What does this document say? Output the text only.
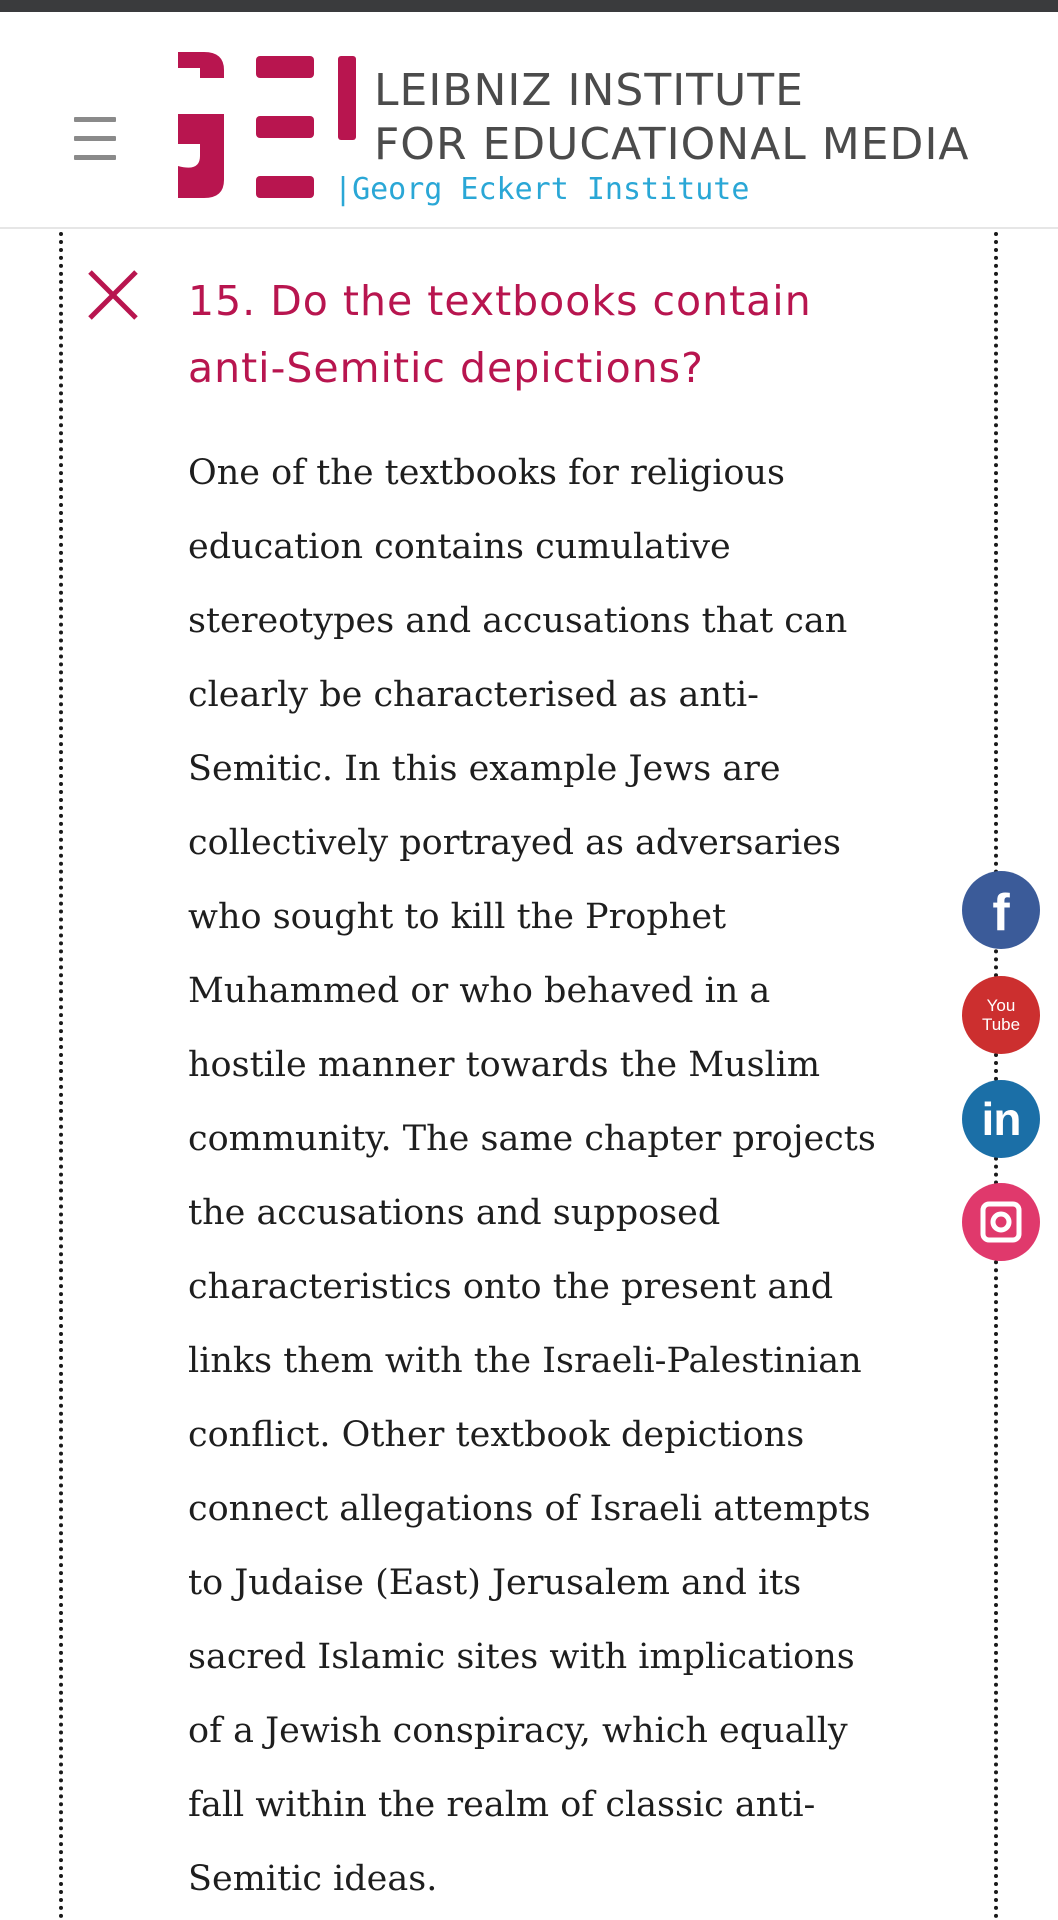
LEIBNIZ INSTITUTE
FOR EDUCATIONAL MEDIA
|Georg Eckert Institute
15. Do the textbooks contain anti-Semitic depictions?
One of the textbooks for religious
education contains cumulative
stereotypes and accusations that can
clearly be characterised as anti-
Semitic. In this example Jews are
collectively portrayed as adversaries
who sought to kill the Prophet
Muhammed or who behaved in a
hostile manner towards the Muslim
community. The same chapter projects
the accusations and supposed
characteristics onto the present and
links them with the Israeli-Palestinian
conflict. Other textbook depictions
connect allegations of Israeli attempts
to Judaise (East) Jerusalem and its
sacred Islamic sites with implications
of a Jewish conspiracy, which equally
fall within the realm of classic anti-
Semitic ideas.
f
You
Tube
in
